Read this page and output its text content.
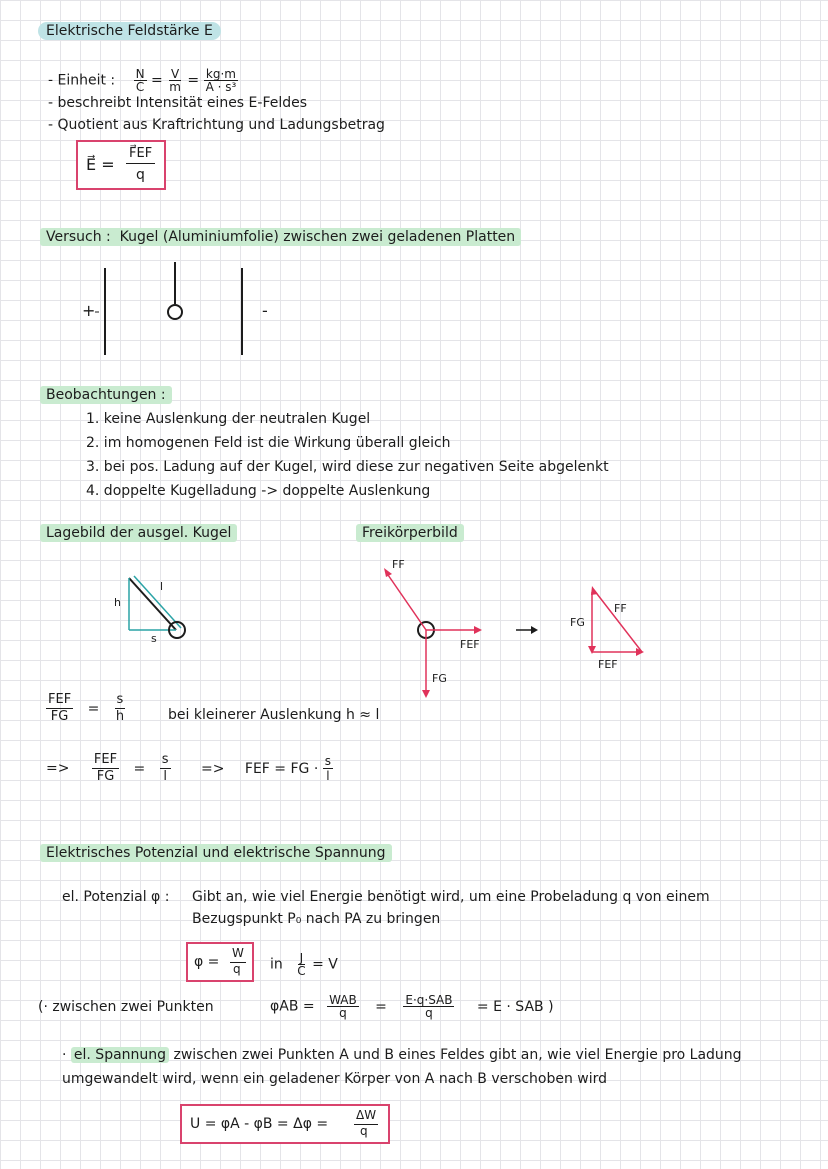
Elektrische Feldstärke E
- Einheit : $\frac{N}{C} = \frac{V}{m} = \frac{kg\cdot m}{\text{A · s³}}$
- beschreibt Intensität eines E-Feldes
- Quotient aus Kraftrichtung und Ladungsbetrag
E⃗ =
F⃗EF
q
Versuch : Kugel (Aluminiumfolie) zwischen zwei geladenen Platten
+	-
Beobachtungen :
1. keine Auslenkung der neutralen Kugel
2. im homogenen Feld ist die Wirkung überall gleich
3. bei pos. Ladung auf der Kugel, wird diese zur negativen Seite abgelenkt
4. doppelte Kugelladung -> doppelte Auslenkung
Lagebild der ausgel. Kugel	Freikörperbild
h
l
s
FF
FEF
FG
FG
FF
FEF
$\frac{\text{FEF}}{FG} = \frac{s}{h}$	bei kleinerer Auslenkung h ≈ l
=> $\frac{\text{FEF}}{FG} = \frac{s}{l}$ => FEF = FG · $\frac{s}{l}$
Elektrisches Potenzial und elektrische Spannung
el. Potenzial φ : Gibt an, wie viel Energie benötigt wird, um eine Probeladung q von einem
Bezugspunkt P₀ nach PA zu bringen
φ =
W
q in $\frac{J}{C} = V$
(· zwischen zwei Punkten	$\varphi AB = \frac{\text{WAB}}{q} = \frac{\text{E·q·SAB}}{q} = E$ · SAB )
· el. Spannung zwischen zwei Punkten A und B eines Feldes gibt an, wie viel Energie pro Ladung
umgewandelt wird, wenn ein geladener Körper von A nach B verschoben wird
U = φA - φB = Δφ =
ΔW
q
